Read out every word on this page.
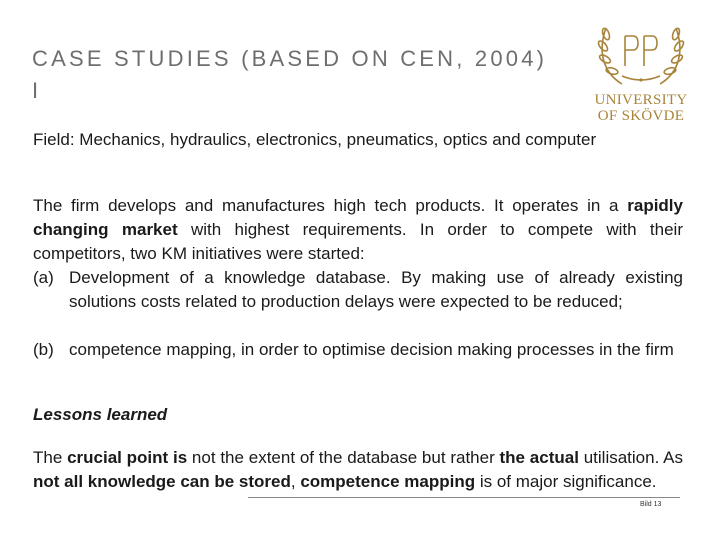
CASE STUDIES (BASED ON CEN, 2004)
I	UNIVERSITY
OF SKÖVDE
Field: Mechanics, hydraulics, electronics, pneumatics, optics and computer
The firm develops and manufactures high tech products. It operates in a rapidly changing market with highest requirements. In order to compete with their competitors, two KM initiatives were started:
(a) Development of a knowledge database. By making use of already existing solutions costs related to production delays were expected to be reduced;
(b) competence mapping, in order to optimise decision making processes in the firm
Lessons learned
The crucial point is not the extent of the database but rather the actual utilisation. As not all knowledge can be stored, competence mapping is of major significance.
Bild 13
